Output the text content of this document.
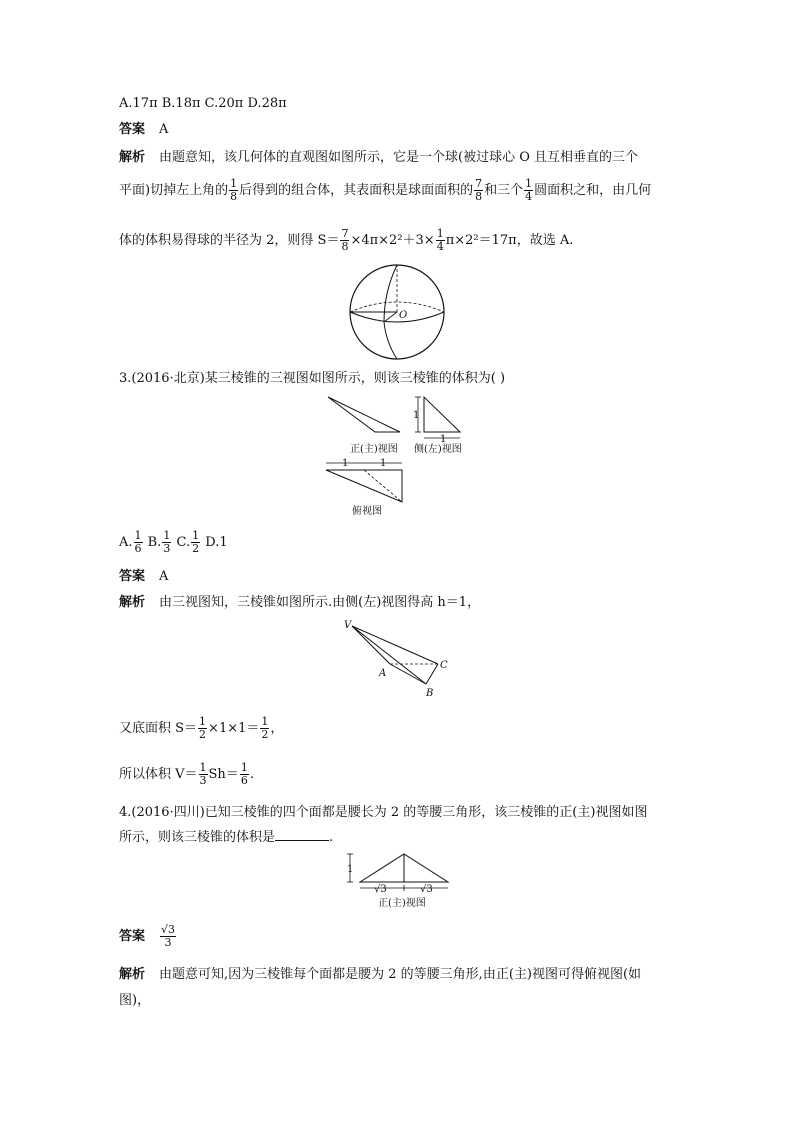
A.17π B.18π C.20π D.28π
答案 A
解析 由题意知，该几何体的直观图如图所示，它是一个球(被过球心 O 且互相垂直的三个
平面)切掉左上角的 $\frac{1}{8}$ 后得到的组合体，其表面积是球面面积的 $\frac{7}{8}$ 和三个 $\frac{1}{4}$ 圆面积之和，由几何
体的体积易得球的半径为 2，则得 $S= \frac{7}{8} \times 4\pi\times 2^2+3\times \frac{1}{4} \pi\times 2^2=17\pi$，故选 A.
O
3.(2016·北京)某三棱锥的三视图如图所示，则该三棱锥的体积为( )
正(主)视图
1
1
侧(左)视图
1	1
俯视图
A. $\frac{1}{6} B$. $\frac{1}{3} C$. $\frac{1}{2} D.1$
答案 A
解析 由三视图知，三棱锥如图所示.由侧(左)视图得高 h＝1，
V
A
B
C
又底面积 $S= \frac{1}{2} \times 1\times 1= \frac{1}{2}$ ，
所以体积 $V= \frac{1}{3} Sh= \frac{1}{6}$ .
4.(2016·四川)已知三棱锥的四个面都是腰长为 2 的等腰三角形，该三棱锥的正(主)视图如图
所示，则该三棱锥的体积是	.
1
√3	√3
正(主)视图
答案 $\frac{√3}{3}$
解析 由题意可知,因为三棱锥每个面都是腰为 2 的等腰三角形,由正(主)视图可得俯视图(如
图)，
